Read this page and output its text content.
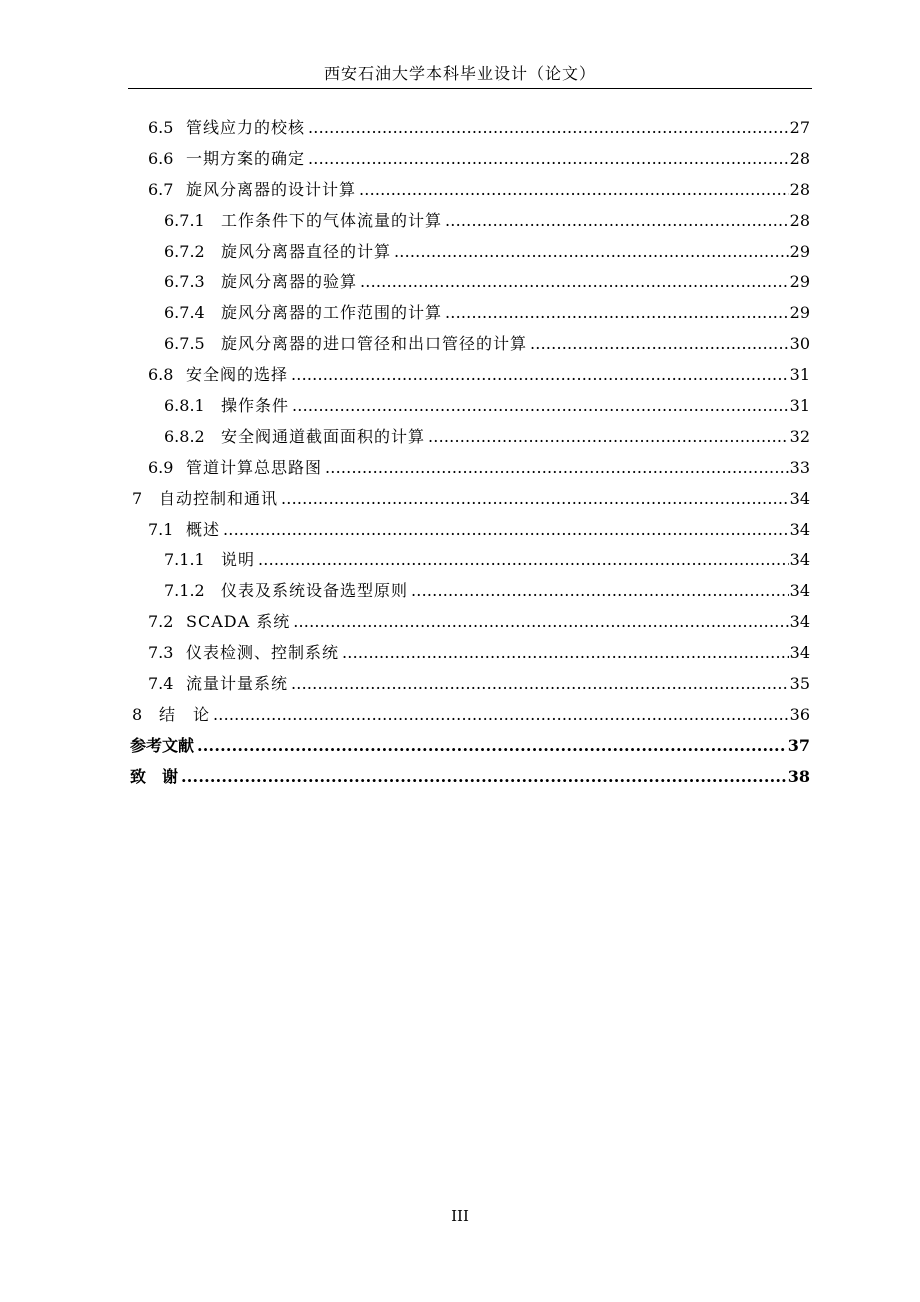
西安石油大学本科毕业设计（论文）
6.5 管线应力的校核 .....	27
6.6 一期方案的确定 .....	28
6.7 旋风分离器的设计计算 .....	28
6.7.1	工作条件下的气体流量的计算 .....	28
6.7.2	旋风分离器直径的计算 .....	29
6.7.3	旋风分离器的验算 .....	29
6.7.4	旋风分离器的工作范围的计算 .....	29
6.7.5	旋风分离器的进口管径和出口管径的计算 .....	30
6.8 安全阀的选择 .....	31
6.8.1	操作条件 .....	31
6.8.2	安全阀通道截面面积的计算 .....	32
6.9 管道计算总思路图 .....	33
7	自动控制和通讯 .....	34
7.1 概述 .....	34
7.1.1	说明 .....	34
7.1.2	仪表及系统设备选型原则 .....	34
7.2 SCADA 系统 .....	34
7.3 仪表检测、控制系统 .....	34
7.4 流量计量系统 .....	35
8	结　论 .....	36
参考文献 .....	37
致　谢 .....	38
III
